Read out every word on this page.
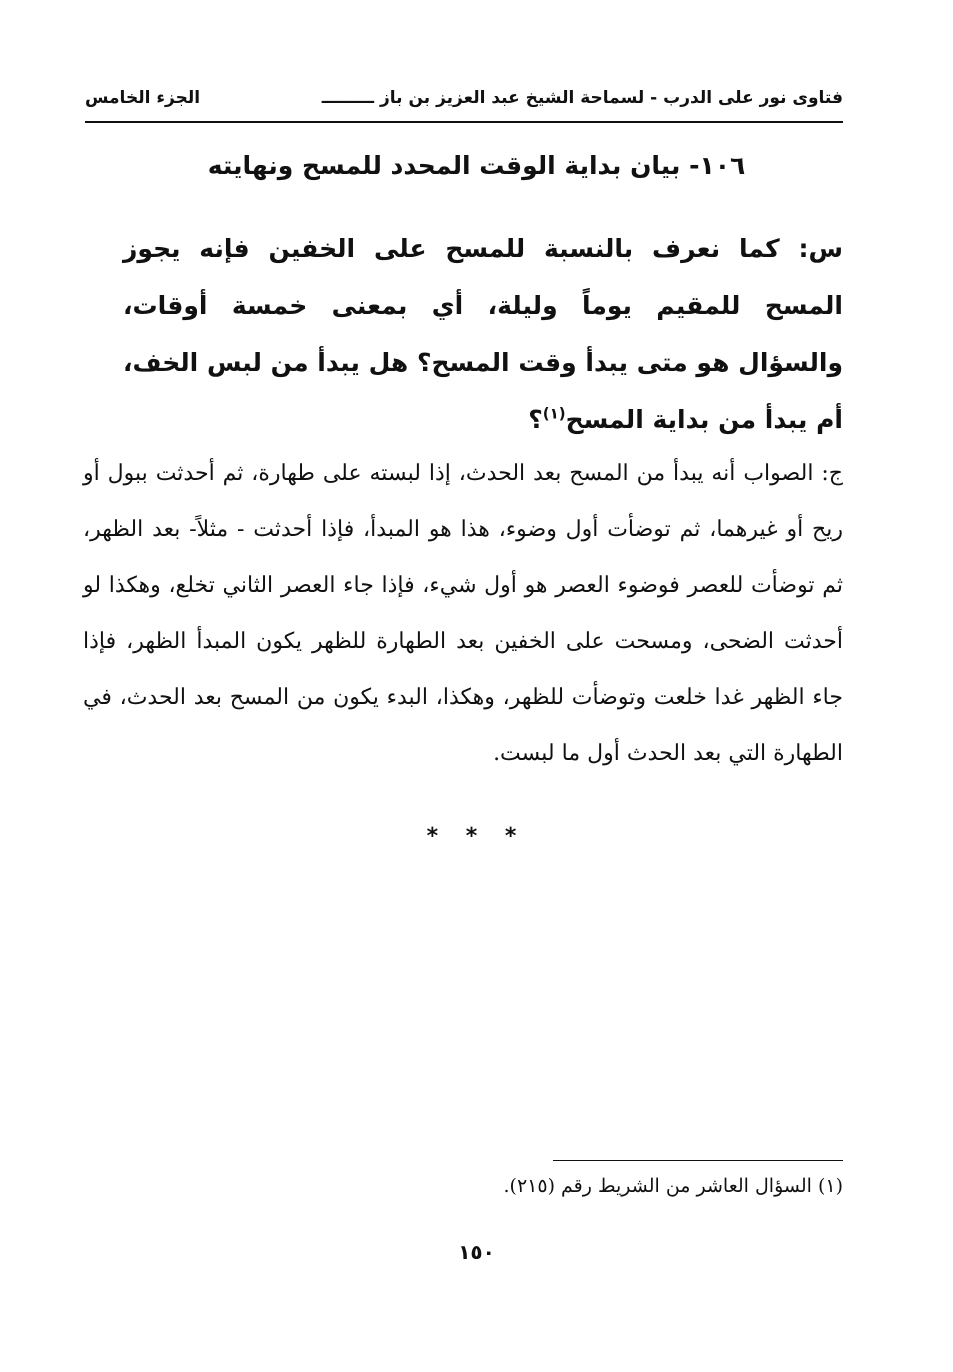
فتاوى نور على الدرب - لسماحة الشيخ عبد العزيز بن باز ـــــــــ
الجزء الخامس
١٠٦- بيان بداية الوقت المحدد للمسح ونهايته
س: كما نعرف بالنسبة للمسح على الخفين فإنه يجوز المسح للمقيم يوماً وليلة، أي بمعنى خمسة أوقات، والسؤال هو متى يبدأ وقت المسح؟ هل يبدأ من لبس الخف، أم يبدأ من بداية المسح$^{(١)}$؟
ج: الصواب أنه يبدأ من المسح بعد الحدث، إذا لبسته على طهارة، ثم أحدثت ببول أو ريح أو غيرهما، ثم توضأت أول وضوء، هذا هو المبدأ، فإذا أحدثت - مثلاً- بعد الظهر، ثم توضأت للعصر فوضوء العصر هو أول شيء، فإذا جاء العصر الثاني تخلع، وهكذا لو أحدثت الضحى، ومسحت على الخفين بعد الطهارة للظهر يكون المبدأ الظهر، فإذا جاء الظهر غدا خلعت وتوضأت للظهر، وهكذا، البدء يكون من المسح بعد الحدث، في الطهارة التي بعد الحدث أول ما لبست.
* * *
(١) السؤال العاشر من الشريط رقم (٢١٥).
١٥٠
